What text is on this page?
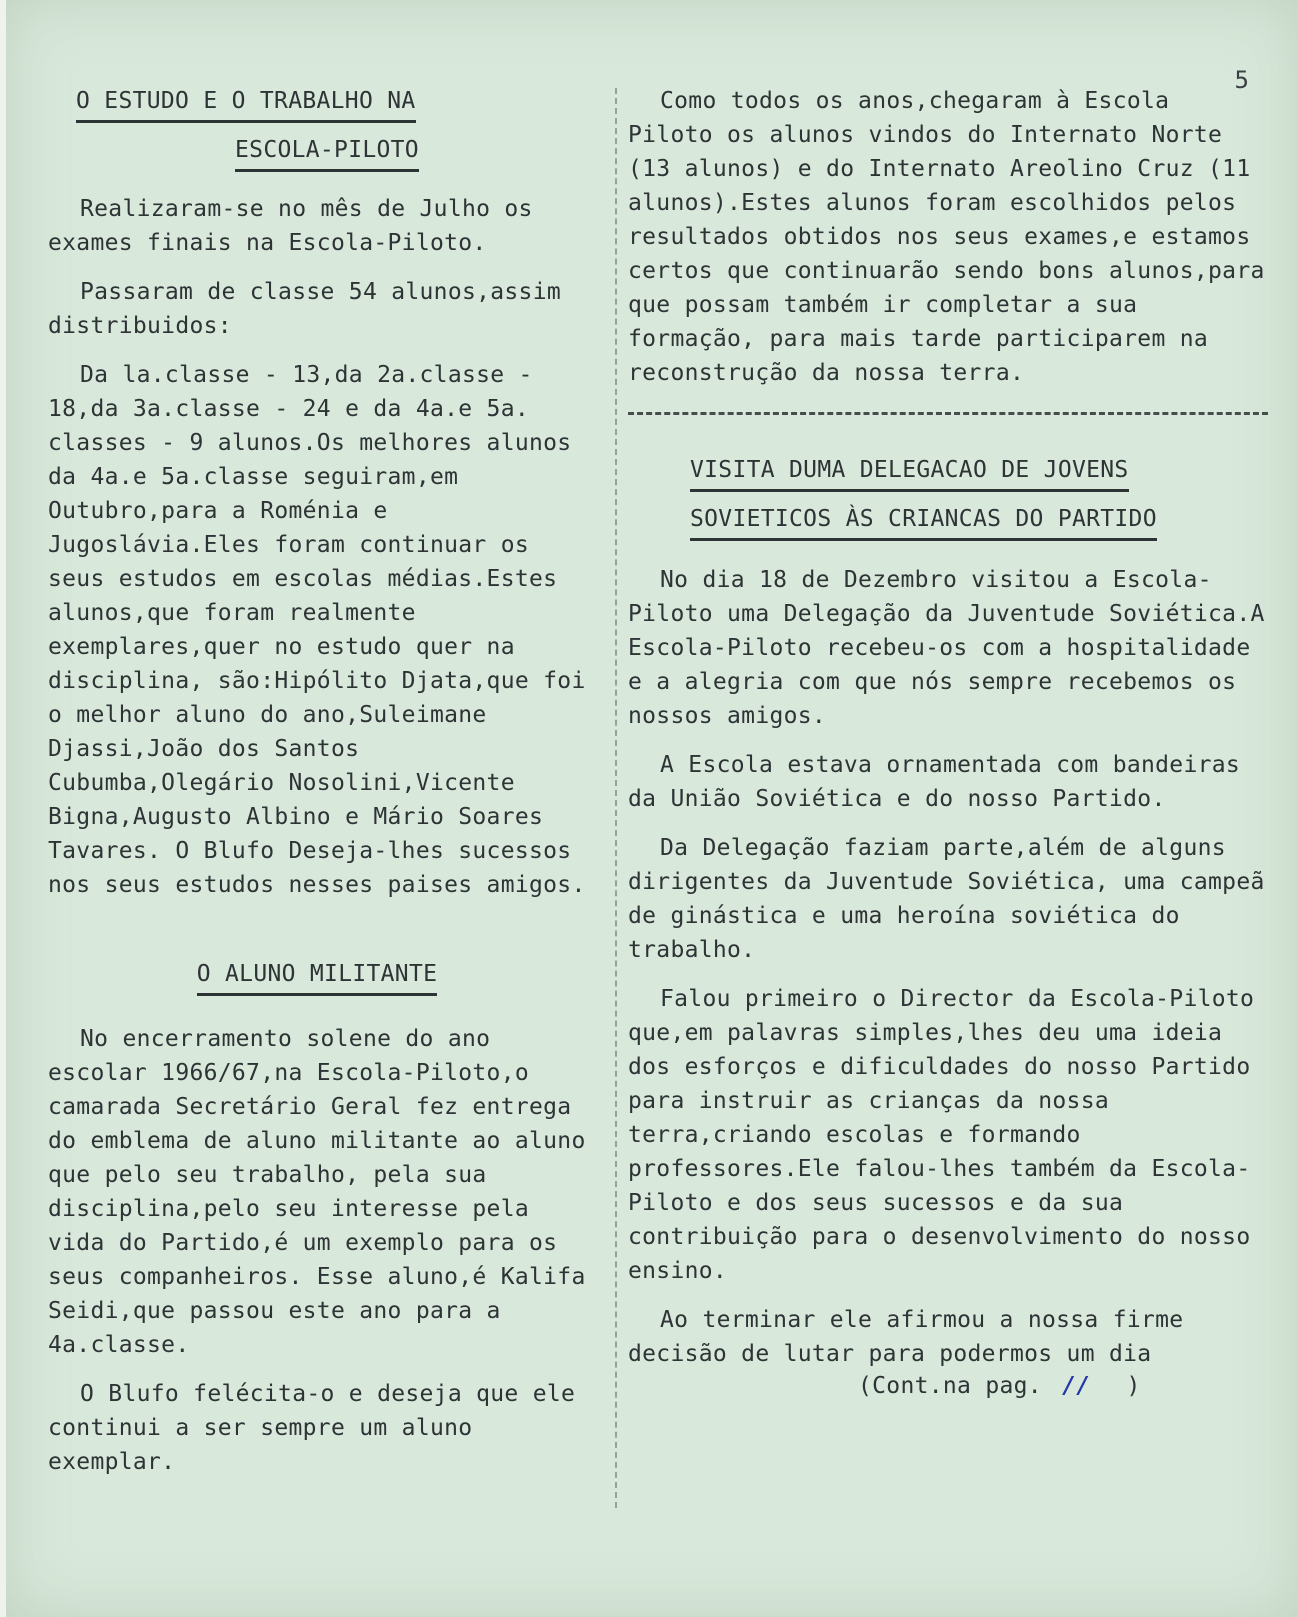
5
O ESTUDO E O TRABALHO NA
ESCOLA-PILOTO

Realizaram-se no mês de Julho os exames finais na Escola-Piloto.

Passaram de classe 54 alunos,assim distribuidos:

Da la.classe - 13,da 2a.classe - 18,da 3a.classe - 24 e da 4a.e 5a. classes - 9 alunos.Os melhores alunos da 4a.e 5a.classe seguiram,em Outubro,para a Roménia e Jugoslávia.Eles foram continuar os seus estudos em escolas médias.Estes alunos,que foram realmente exemplares,quer no estudo quer na disciplina, são:Hipólito Djata,que foi o melhor aluno do ano,Suleimane Djassi,João dos Santos Cubumba,Olegário Nosolini,Vicente Bigna,Augusto Albino e Mário Soares Tavares. O Blufo Deseja-lhes sucessos nos seus estudos nesses paises amigos.

O ALUNO MILITANTE

No encerramento solene do ano escolar 1966/67,na Escola-Piloto,o camarada Secretário Geral fez entrega do emblema de aluno militante ao aluno que pelo seu trabalho, pela sua disciplina,pelo seu interesse pela vida do Partido,é um exemplo para os seus companheiros. Esse aluno,é Kalifa Seidi,que passou este ano para a 4a.classe.

O Blufo felécita-o e deseja que ele continui a ser sempre um aluno exemplar.

Como todos os anos,chegaram à Escola Piloto os alunos vindos do Internato Norte (13 alunos) e do Internato Areolino Cruz (11 alunos).Estes alunos foram escolhidos pelos resultados obtidos nos seus exames,e estamos certos que continuarão sendo bons alunos,para que possam também ir completar a sua formação, para mais tarde participarem na reconstrução da nossa terra.

VISITA DUMA DELEGACAO DE JOVENS
SOVIETICOS ÀS CRIANCAS DO PARTIDO

No dia 18 de Dezembro visitou a Escola-Piloto uma Delegação da Juventude Soviética.A Escola-Piloto recebeu-os com a hospitalidade e a alegria com que nós sempre recebemos os nossos amigos.

A Escola estava ornamentada com bandeiras da União Soviética e do nosso Partido.

Da Delegação faziam parte,além de alguns dirigentes da Juventude Soviética, uma campeã de ginástica e uma heroína soviética do trabalho.

Falou primeiro o Director da Escola-Piloto que,em palavras simples,lhes deu uma ideia dos esforços e dificuldades do nosso Partido para instruir as crianças da nossa terra,criando escolas e formando professores.Ele falou-lhes também da Escola-Piloto e dos seus sucessos e da sua contribuição para o desenvolvimento do nosso ensino.

Ao terminar ele afirmou a nossa firme decisão de lutar para podermos um dia

(Cont.na pag. // )
